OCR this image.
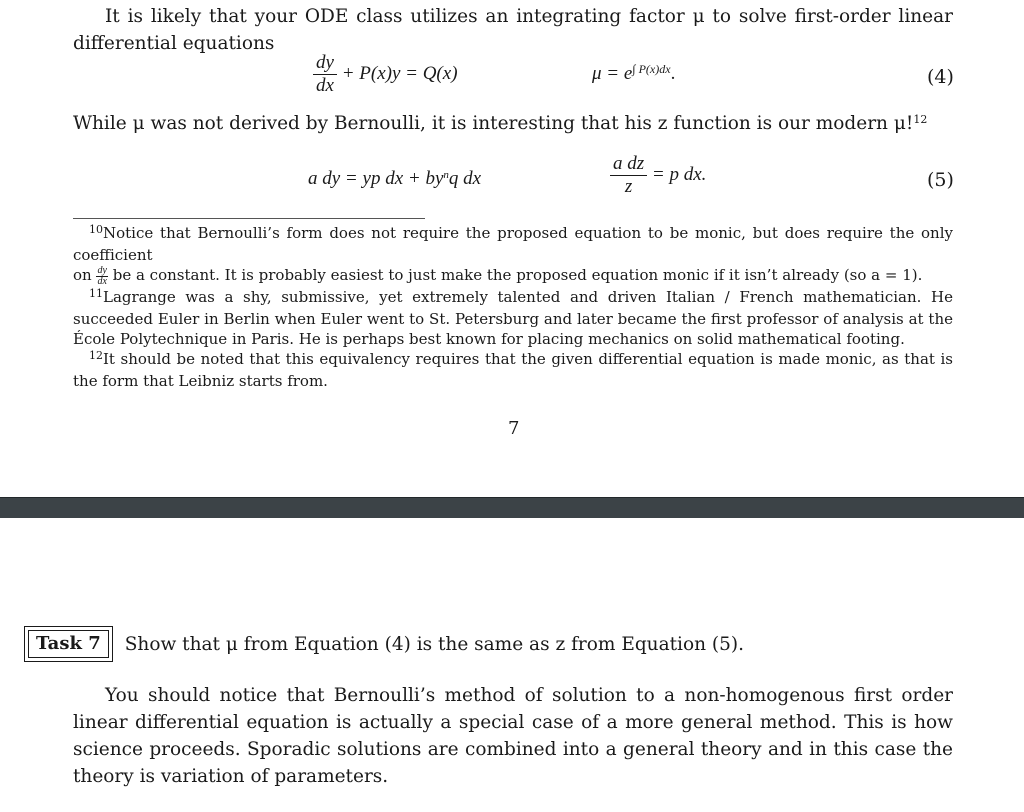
It is likely that your ODE class utilizes an integrating factor μ to solve first-order linear differential equations
$\frac{dy}{dx} + P(x)y = Q(x)$	$\mu = e^{\int P(x)dx}$.	(4)
While μ was not derived by Bernoulli, it is interesting that his z function is our modern μ!$^{12}$
a dy = yp dx + $by^nq$ dx	$\frac{\text{a dz}}{z} = p$ dx.	(5)
$^{10}$Notice that Bernoulli’s form does not require the proposed equation to be monic, but does require the only coefficient
on $\frac{dy}{dx}$ be a constant. It is probably easiest to just make the proposed equation monic if it isn’t already (so a = 1).
$^{11}$Lagrange was a shy, submissive, yet extremely talented and driven Italian / French mathematician. He succeeded Euler in Berlin when Euler went to St. Petersburg and later became the first professor of analysis at the École Polytechnique in Paris. He is perhaps best known for placing mechanics on solid mathematical footing.
$^{12}$It should be noted that this equivalency requires that the given differential equation is made monic, as that is the form that Leibniz starts from.
7
Task 7	Show that μ from Equation (4) is the same as z from Equation (5).
You should notice that Bernoulli’s method of solution to a non-homogenous first order linear differential equation is actually a special case of a more general method. This is how science proceeds. Sporadic solutions are combined into a general theory and in this case the theory is variation of parameters.
